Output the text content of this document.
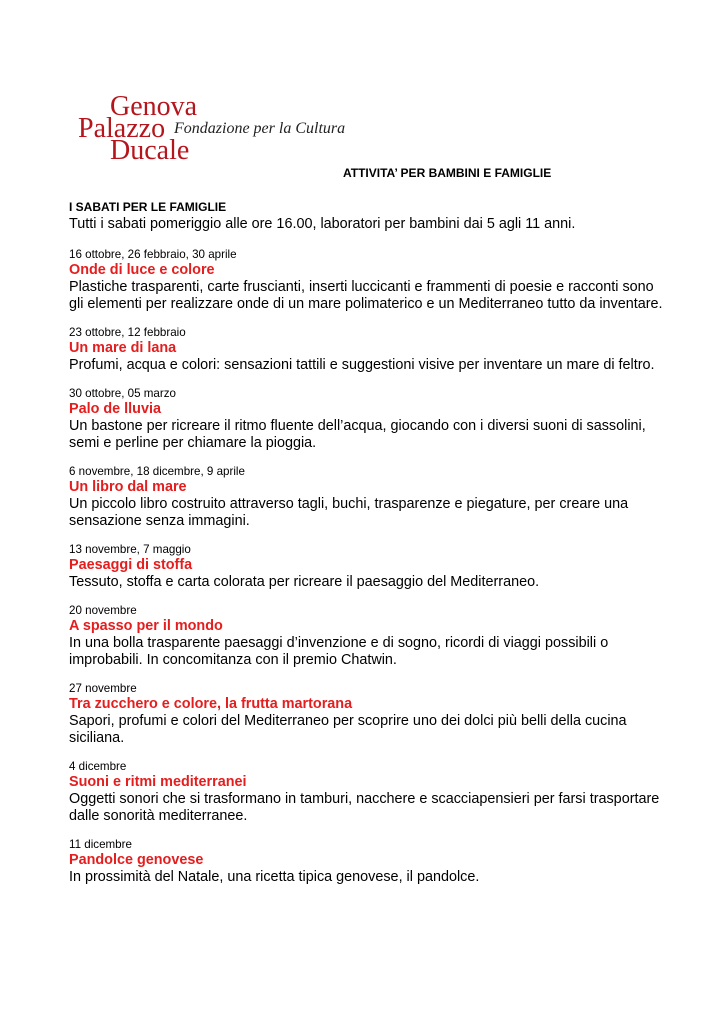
Genova
Palazzo Fondazione per la Cultura
Ducale
ATTIVITA’ PER BAMBINI E FAMIGLIE
I SABATI PER LE FAMIGLIE
Tutti i sabati pomeriggio alle ore 16.00, laboratori per bambini dai 5 agli 11 anni.
16 ottobre, 26 febbraio, 30 aprile
Onde di luce e colore
Plastiche trasparenti, carte fruscianti, inserti luccicanti e frammenti di poesie e racconti sono gli elementi per realizzare onde di un mare polimaterico e un Mediterraneo tutto da inventare.
23 ottobre, 12 febbraio
Un mare di lana
Profumi, acqua e colori: sensazioni tattili e suggestioni visive per inventare un mare di feltro.
30 ottobre, 05 marzo
Palo de lluvia
Un bastone per ricreare il ritmo fluente dell’acqua, giocando con i diversi suoni di sassolini, semi e perline per chiamare la pioggia.
6 novembre, 18 dicembre, 9 aprile
Un libro dal mare
Un piccolo libro costruito attraverso tagli, buchi, trasparenze e piegature, per creare una sensazione senza immagini.
13 novembre, 7 maggio
Paesaggi di stoffa
Tessuto, stoffa e carta colorata per ricreare il paesaggio del Mediterraneo.
20 novembre
A spasso per il mondo
In una bolla trasparente paesaggi d’invenzione e di sogno, ricordi di viaggi possibili o improbabili. In concomitanza con il premio Chatwin.
27 novembre
Tra zucchero e colore, la frutta martorana
Sapori, profumi e colori del Mediterraneo per scoprire uno dei dolci più belli della cucina siciliana.
4 dicembre
Suoni e ritmi mediterranei
Oggetti sonori che si trasformano in tamburi, nacchere e scacciapensieri per farsi trasportare dalle sonorità mediterranee.
11 dicembre
Pandolce genovese
In prossimità del Natale, una ricetta tipica genovese, il pandolce.
